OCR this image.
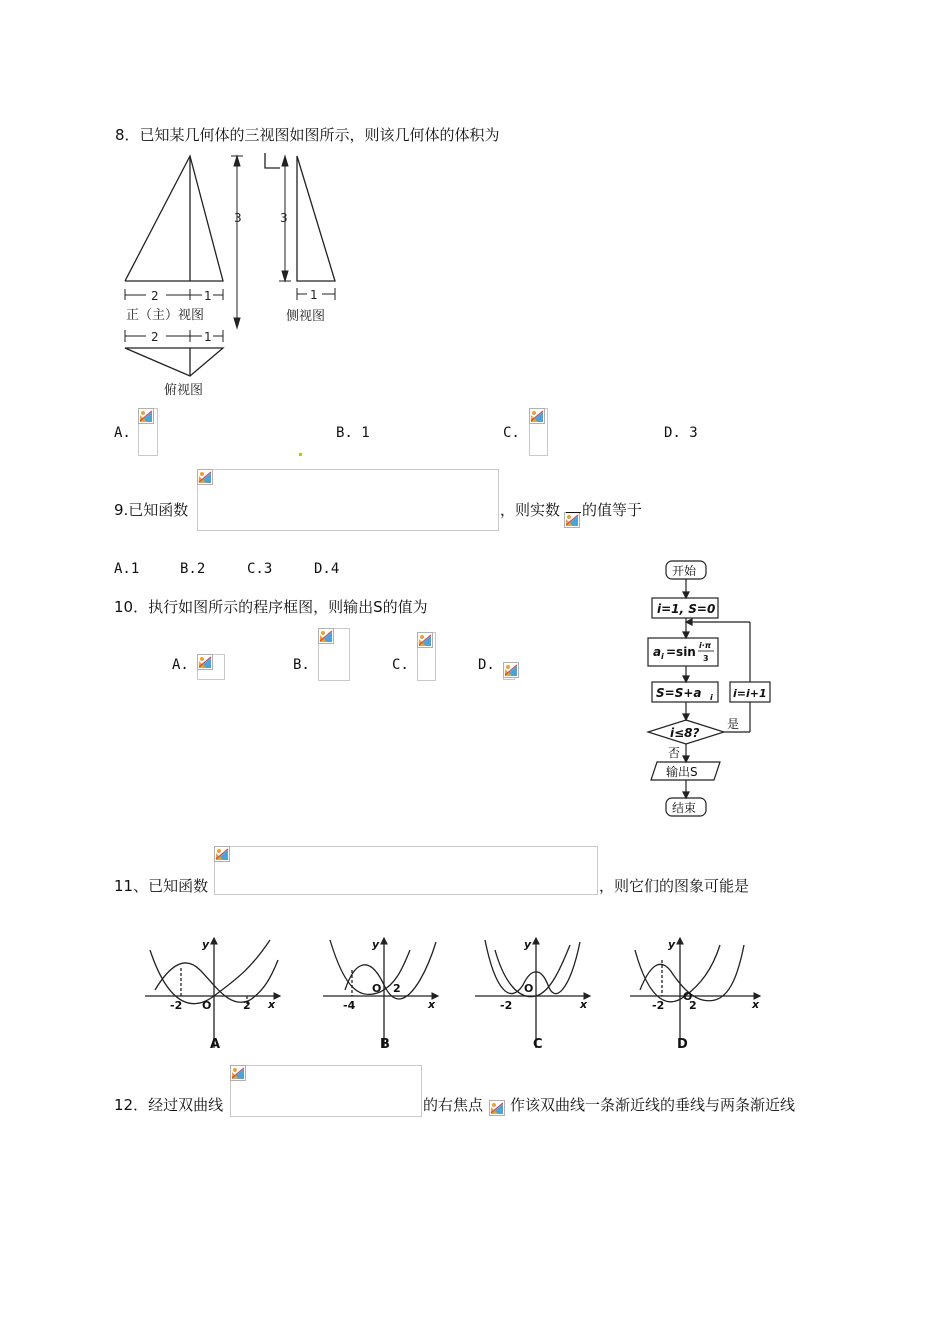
8．已知某几何体的三视图如图所示，则该几何体的体积为
3
2	1
正（主）视图
3
1
侧视图
2	1
俯视图
A.	B. 1	C.	D. 3
9.已知函数	，则实数 的值等于
A.1	B.2	C.3	D.4
10．执行如图所示的程序框图，则输出S的值为
A.	B.	C.	D.
开始
i=1, S=0
a i =sin i·π
3
S=S+a i i=i+1
i≤8?
是
否
输出S
结束
11、已知函数	，则它们的图象可能是
-2	2
O	x
y
A
-4
2
O
x
y
B
-2
O
x
y
C
-2 2
O
x
y
D
12．经过双曲线	的右焦点 作该双曲线一条渐近线的垂线与两条渐近线
